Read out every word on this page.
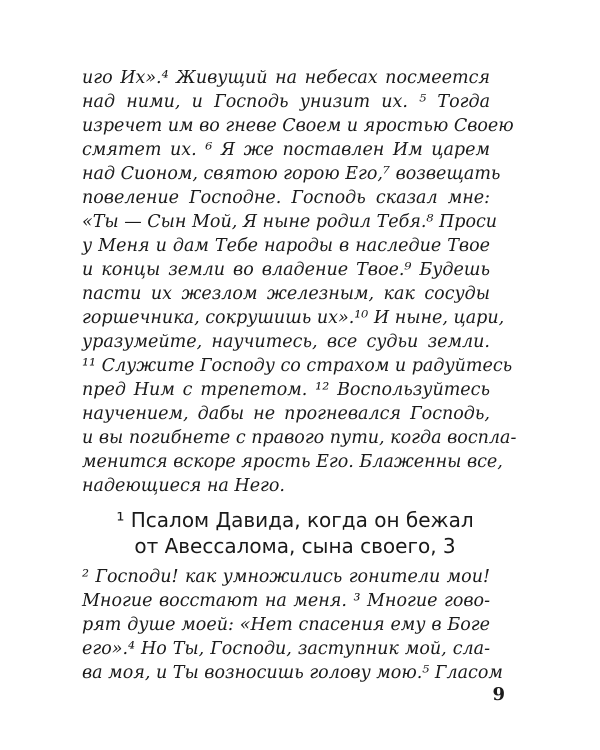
иго Их».⁴ Живущий на небесах посмеется
над ними, и Господь унизит их. ⁵ Тогда
изречет им во гневе Своем и яростью Своею
смятет их. ⁶ Я же поставлен Им царем
над Сионом, святою горою Его,⁷ возвещать
повеление Господне. Господь сказал мне:
«Ты — Сын Мой, Я ныне родил Тебя.⁸ Проси
у Меня и дам Тебе народы в наследие Твое
и концы земли во владение Твое.⁹ Будешь
пасти их жезлом железным, как сосуды
горшечника, сокрушишь их».¹⁰ И ныне, цари,
уразумейте, научитесь, все судьи земли.
¹¹ Служите Господу со страхом и радуйтесь
пред Ним с трепетом. ¹² Воспользуйтесь
научением, дабы не прогневался Господь,
и вы погибнете с правого пути, когда воспла-
менится вскоре ярость Его. Блаженны все,
надеющиеся на Него.
¹ Псалом Давида, когда он бежал
от Авессалома, сына своего, 3
² Господи! как умножились гонители мои!
Многие восстают на меня. ³ Многие гово-
рят душе моей: «Нет спасения ему в Боге
его».⁴ Но Ты, Господи, заступник мой, сла-
ва моя, и Ты возносишь голову мою.⁵ Гласом
9
